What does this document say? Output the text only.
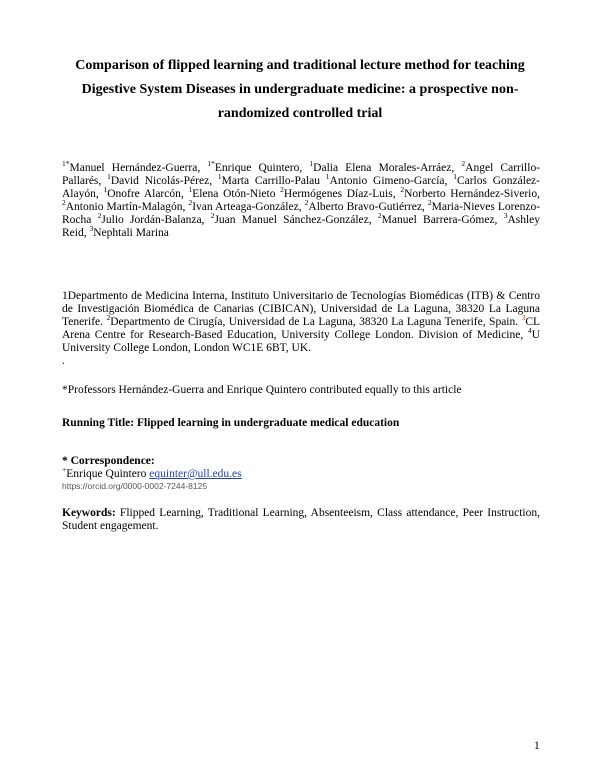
Comparison of flipped learning and traditional lecture method for teaching
Digestive System Diseases in undergraduate medicine: a prospective non-
randomized controlled trial
$^{1*}$Manuel Hernández-Guerra, $^{1*}$Enrique Quintero, $^1$Dalia Elena Morales-Arráez, $^2$Angel Carrillo-Pallarés, $^1$David Nicolás-Pérez, $^1$Marta Carrillo-Palau $^1$Antonio Gimeno-García, $^1$Carlos González-Alayón, $^1$Onofre Alarcón, $^1$Elena Otón-Nieto $^2$Hermógenes Díaz-Luis, $^2$Norberto Hernández-Siverio, $^2$Antonio Martín-Malagón, $^2$Ivan Arteaga-González, $^2$Alberto Bravo-Gutiérrez, $^2$Maria-Nieves Lorenzo-Rocha $^2$Julio Jordán-Balanza, $^2$Juan Manuel Sánchez-González, $^2$Manuel Barrera-Gómez, $^3$Ashley Reid, $^3$Nephtali Marina
1Departmento de Medicina Interna, Instituto Universitario de Tecnologías Biomédicas (ITB) & Centro de Investigación Biomédica de Canarias (CIBICAN), Universidad de La Laguna, 38320 La Laguna Tenerife. $^2$Departmento de Cirugía, Universidad de La Laguna, 38320 La Laguna Tenerife, Spain. $^3$CL Arena Centre for Research-Based Education, University College London. Division of Medicine, $^4$U University College London, London WC1E 6BT, UK.
.
*Professors Hernández-Guerra and Enrique Quintero contributed equally to this article
Running Title: Flipped learning in undergraduate medical education
* Correspondence:
+Enrique Quintero equinter@ull.edu.es
https://orcid.org/0000-0002-7244-8125
Keywords: Flipped Learning, Traditional Learning, Absenteeism, Class attendance, Peer Instruction, Student engagement.
1
